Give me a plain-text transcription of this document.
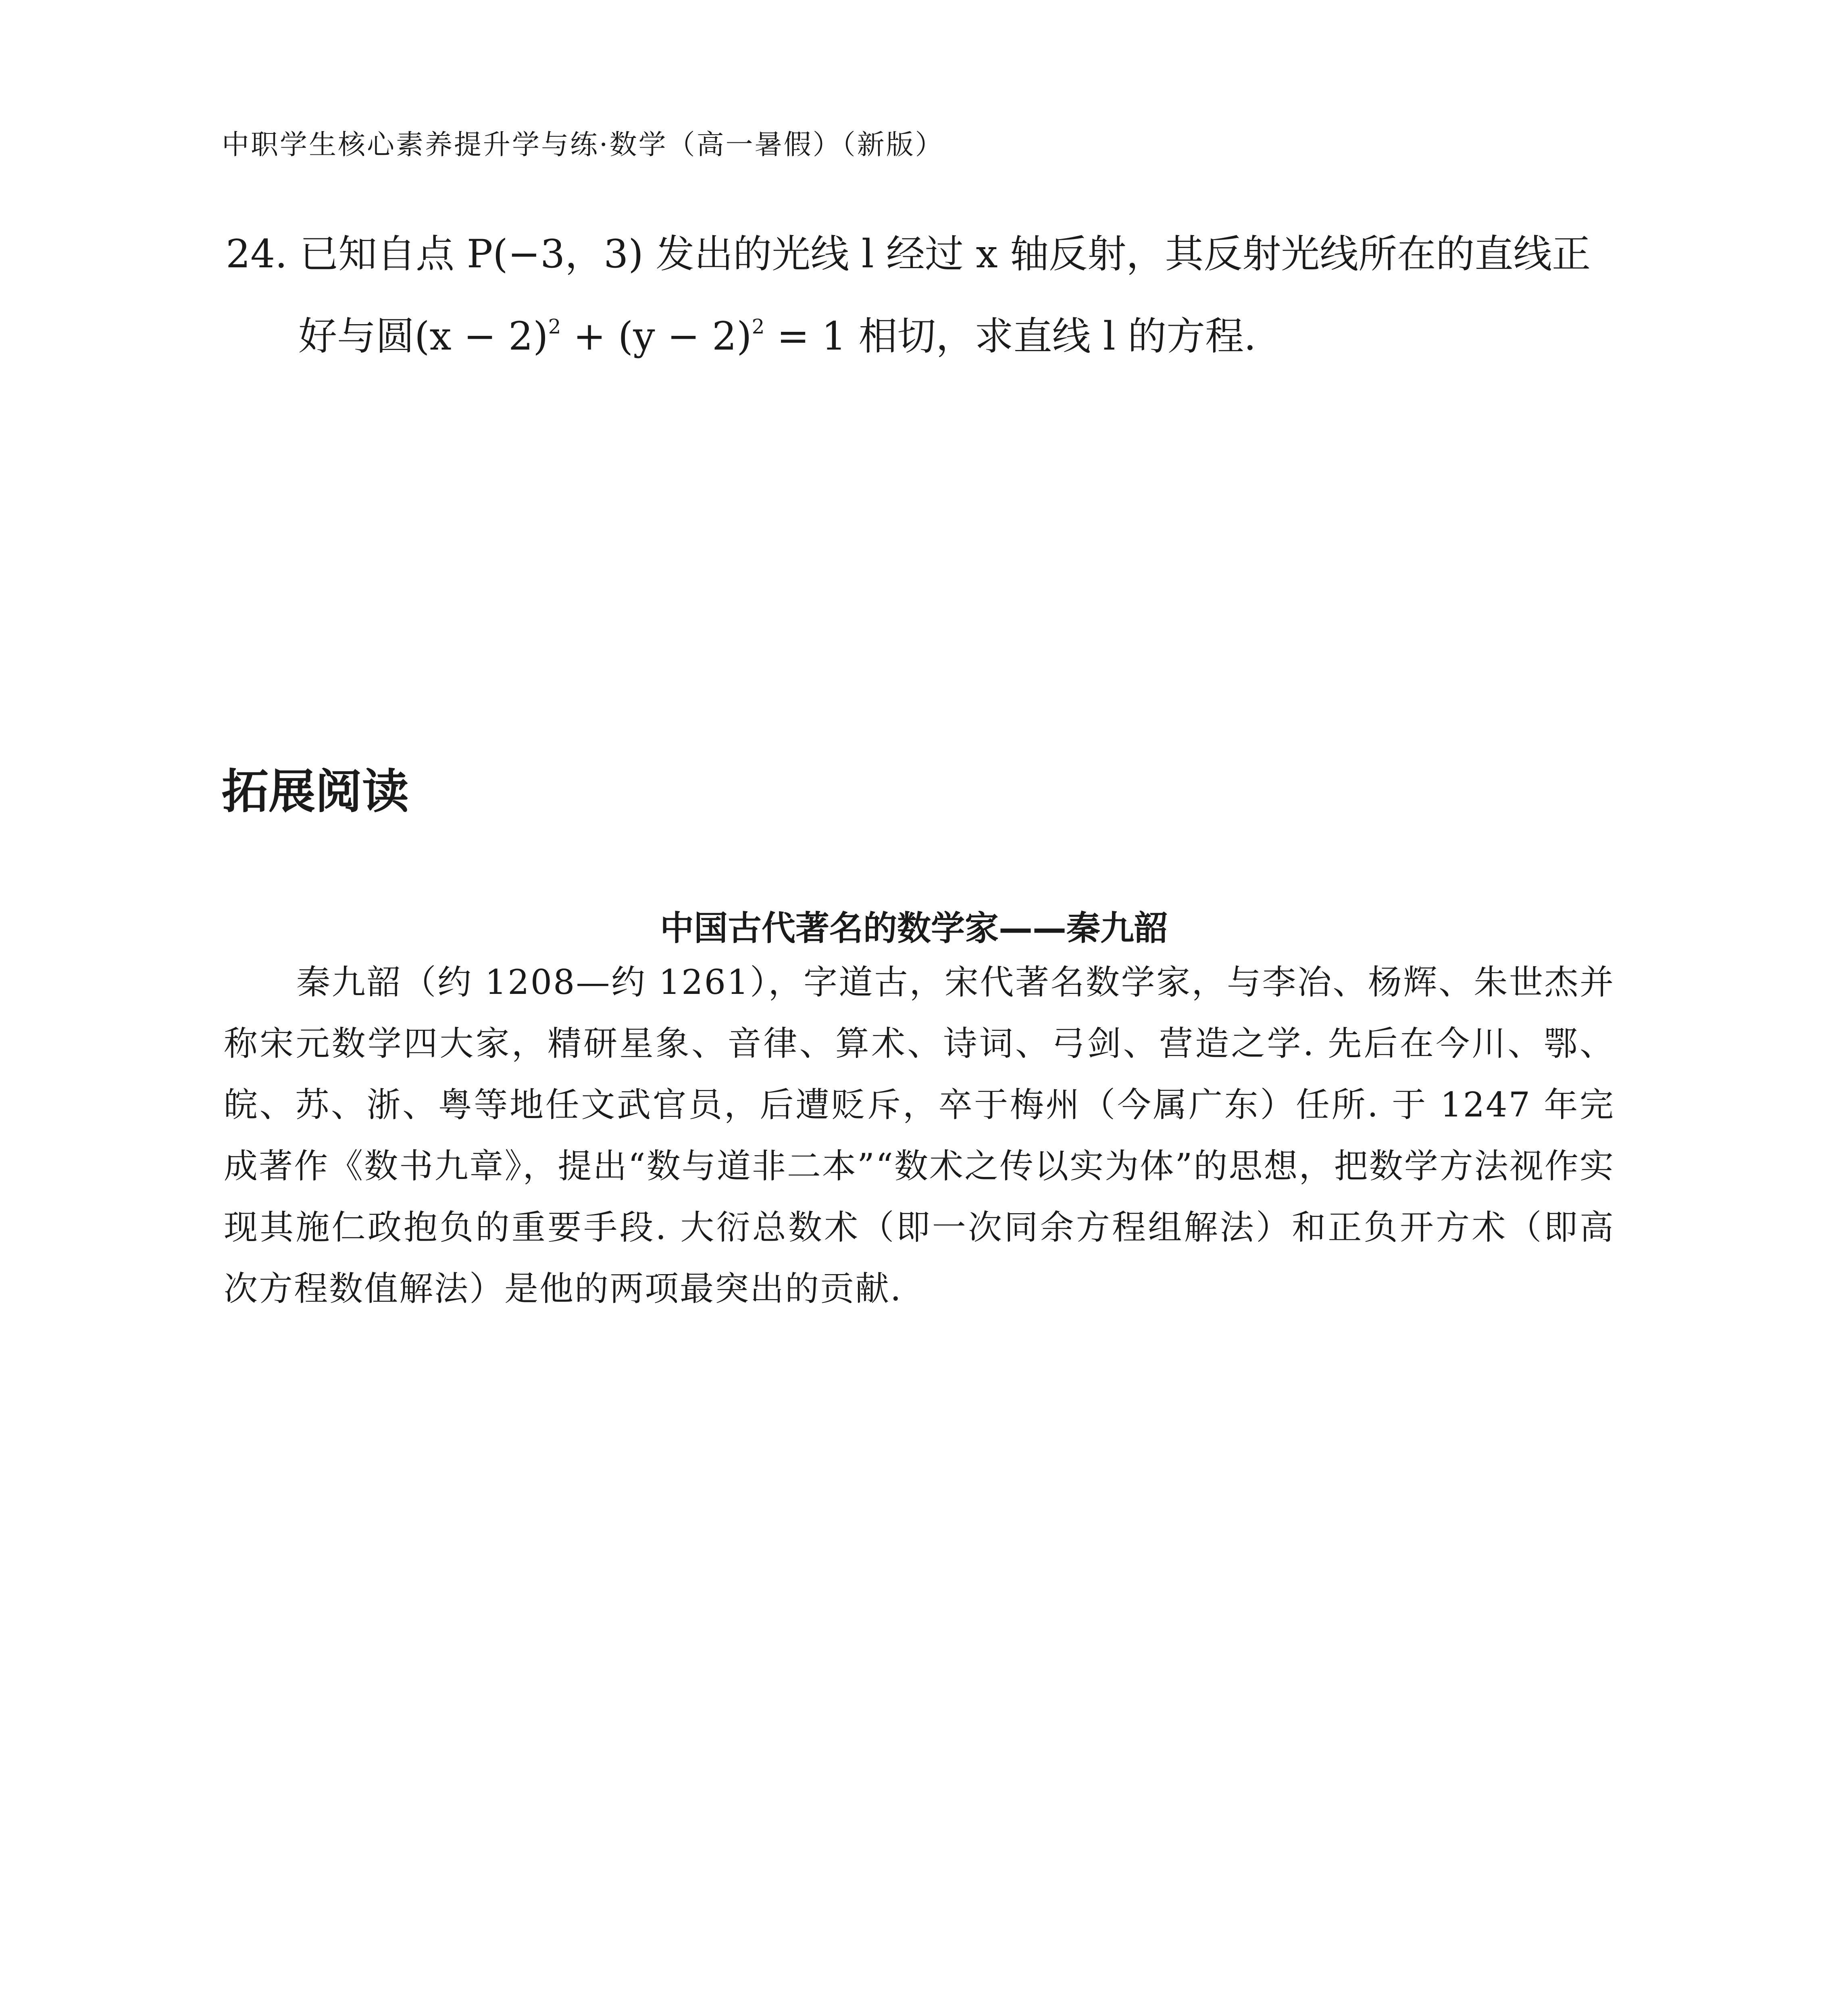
中职学生核心素养提升学与练·数学（高一暑假）（新版）
24. 已知自点 P(−3，3) 发出的光线 l 经过 x 轴反射，其反射光线所在的直线正
好与圆$(x - 2)^2 + (y - 2)^2 = 1$ 相切，求直线 l 的方程.
拓展阅读
中国古代著名的数学家——秦九韶
秦九韶（约 1208—约 1261），字道古，宋代著名数学家，与李冶、杨辉、朱世杰并称宋元数学四大家，精研星象、音律、算术、诗词、弓剑、营造之学. 先后在今川、鄂、皖、苏、浙、粤等地任文武官员，后遭贬斥，卒于梅州（今属广东）任所. 于 1247 年完成著作《数书九章》，提出“数与道非二本”“数术之传以实为体”的思想，把数学方法视作实现其施仁政抱负的重要手段. 大衍总数术（即一次同余方程组解法）和正负开方术（即高次方程数值解法）是他的两项最突出的贡献.
